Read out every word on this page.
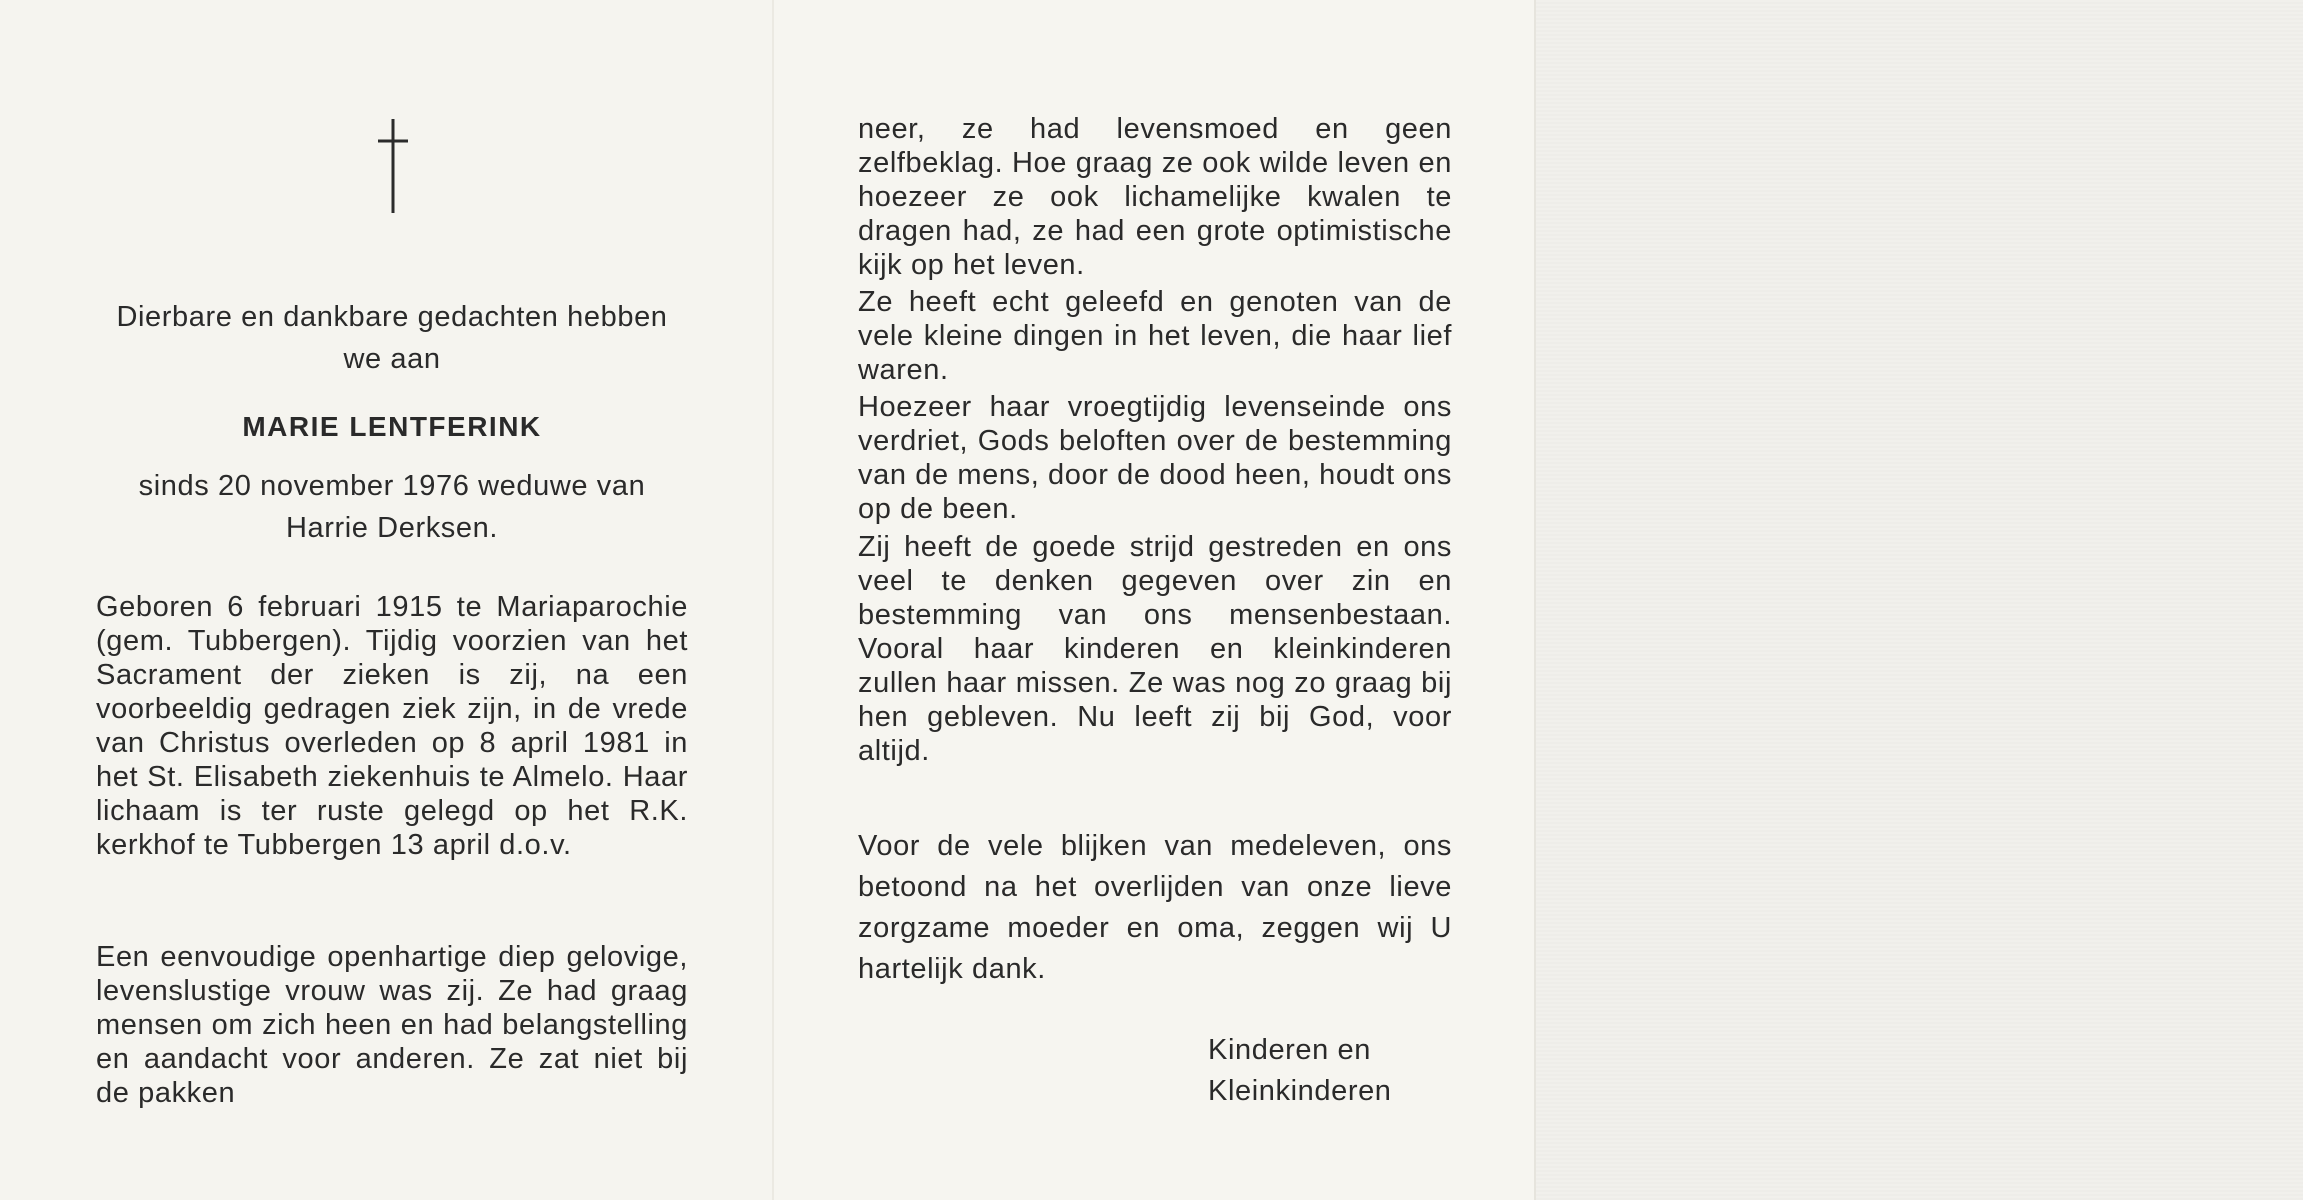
Dierbare en dankbare gedachten hebben we aan
MARIE LENTFERINK
sinds 20 november 1976 weduwe van Harrie Derksen.
Geboren 6 februari 1915 te Mariaparochie (gem. Tubbergen). Tijdig voorzien van het Sacrament der zieken is zij, na een voorbeeldig gedragen ziek zijn, in de vrede van Christus overleden op 8 april 1981 in het St. Elisabeth ziekenhuis te Almelo. Haar lichaam is ter ruste gelegd op het R.K. kerkhof te Tubbergen 13 april d.o.v.
Een eenvoudige openhartige diep gelovige, levenslustige vrouw was zij. Ze had graag mensen om zich heen en had belangstelling en aandacht voor anderen. Ze zat niet bij de pakken
neer, ze had levensmoed en geen zelfbeklag. Hoe graag ze ook wilde leven en hoezeer ze ook lichamelijke kwalen te dragen had, ze had een grote optimistische kijk op het leven.
Ze heeft echt geleefd en genoten van de vele kleine dingen in het leven, die haar lief waren.
Hoezeer haar vroegtijdig levenseinde ons verdriet, Gods beloften over de bestemming van de mens, door de dood heen, houdt ons op de been.
Zij heeft de goede strijd gestreden en ons veel te denken gegeven over zin en bestemming van ons mensenbestaan. Vooral haar kinderen en kleinkinderen zullen haar missen. Ze was nog zo graag bij hen gebleven. Nu leeft zij bij God, voor altijd.
Voor de vele blijken van medeleven, ons betoond na het overlijden van onze lieve zorgzame moeder en oma, zeggen wij U hartelijk dank.
Kinderen en
Kleinkinderen
